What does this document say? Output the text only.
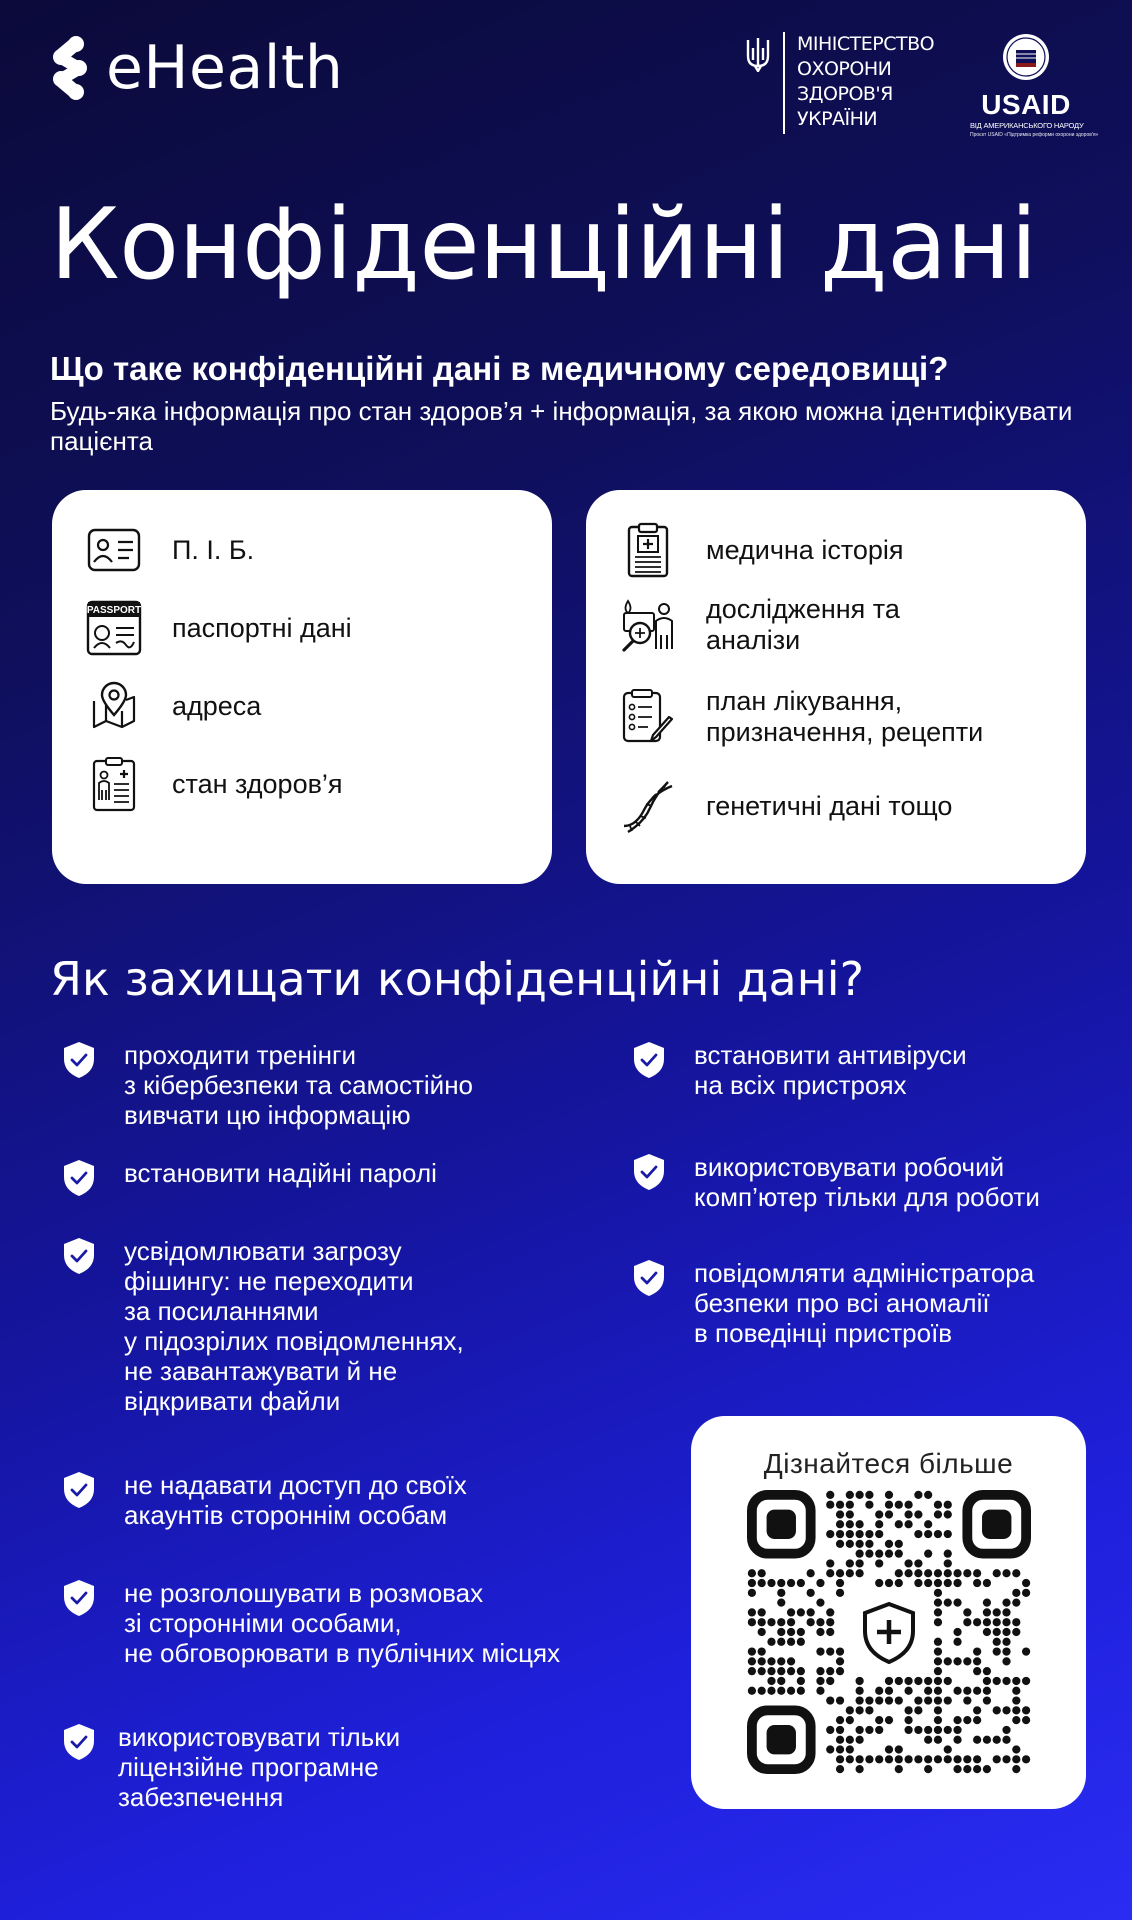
eHealth	МІНІСТЕРСТВО
ОХОРОНИ
ЗДОРОВ'Я
УКРАЇНИ	USAID
ВІД АМЕРИКАНСЬКОГО НАРОДУ
Проєкт USAID «Підтримка реформи охорони здоров'я»
Конфіденційні дані
Що таке конфіденційні дані в медичному середовищі?
Будь-яка інформація про стан здоров’я + інформація, за якою можна ідентифікувати пацієнта
П. І. Б.
PASSPORT
паспортні дані
адреса
стан здоров’я
медична історія
дослідження та
аналізи
план лікування,
призначення, рецепти
генетичні дані тощо
Як захищати конфіденційні дані?
проходити тренінги
з кібербезпеки та самостійно
вивчати цю інформацію
встановити надійні паролі
усвідомлювати загрозу
фішингу: не переходити
за посиланнями
у підозрілих повідомленнях,
не завантажувати й не
відкривати файли
не надавати доступ до своїх
акаунтів стороннім особам
не розголошувати в розмовах
зі сторонніми особами,
не обговорювати в публічних місцях
використовувати тільки
ліцензійне програмне
забезпечення
встановити антивіруси
на всіх пристроях
використовувати робочий
комп’ютер тільки для роботи
повідомляти адміністратора
безпеки про всі аномалії
в поведінці пристроїв
Дізнайтеся більше
